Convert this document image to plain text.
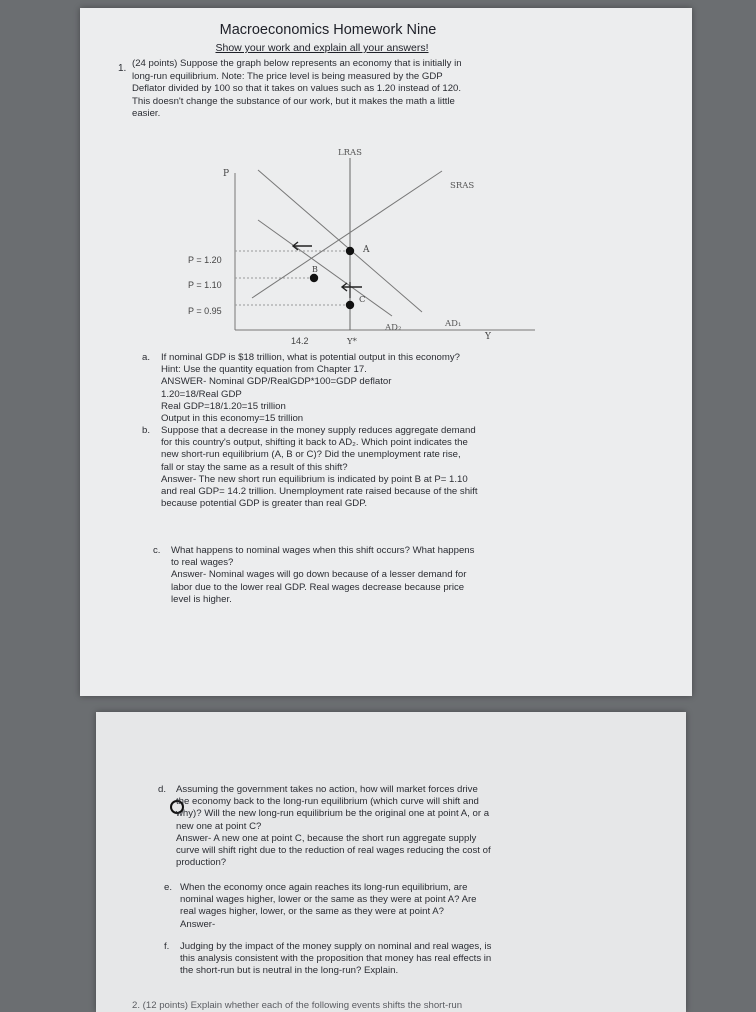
Macroeconomics Homework Nine
Show your work and explain all your answers!
1. (24 points) Suppose the graph below represents an economy that is initially in
long-run equilibrium. Note: The price level is being measured by the GDP
Deflator divided by 100 so that it takes on values such as 1.20 instead of 120.
This doesn't change the substance of our work, but it makes the math a little
easier.

P
Y
LRAS
SRAS
AD₁
AD₂
P = 1.20
P = 1.10
P = 0.95
14.2	Y*
A
B
C
a. If nominal GDP is $18 trillion, what is potential output in this economy?
Hint: Use the quantity equation from Chapter 17.
ANSWER- Nominal GDP/RealGDP*100=GDP deflator
1.20=18/Real GDP
Real GDP=18/1.20=15 trillion
Output in this economy=15 trillion
b. Suppose that a decrease in the money supply reduces aggregate demand
for this country's output, shifting it back to AD₂. Which point indicates the
new short-run equilibrium (A, B or C)? Did the unemployment rate rise,
fall or stay the same as a result of this shift?
Answer- The new short run equilibrium is indicated by point B at P= 1.10
and real GDP= 14.2 trillion. Unemployment rate raised because of the shift
because potential GDP is greater than real GDP.
c. What happens to nominal wages when this shift occurs? What happens
to real wages?
Answer- Nominal wages will go down because of a lesser demand for
labor due to the lower real GDP. Real wages decrease because price
level is higher.
d. Assuming the government takes no action, how will market forces drive
the economy back to the long-run equilibrium (which curve will shift and
why)? Will the new long-run equilibrium be the original one at point A, or a
new one at point C?
Answer- A new one at point C, because the short run aggregate supply
curve will shift right due to the reduction of real wages reducing the cost of
production?
e. When the economy once again reaches its long-run equilibrium, are
nominal wages higher, lower or the same as they were at point A? Are
real wages higher, lower, or the same as they were at point A?
Answer-
f. Judging by the impact of the money supply on nominal and real wages, is
this analysis consistent with the proposition that money has real effects in
the short-run but is neutral in the long-run? Explain.
2. (12 points) Explain whether each of the following events shifts the short-run
